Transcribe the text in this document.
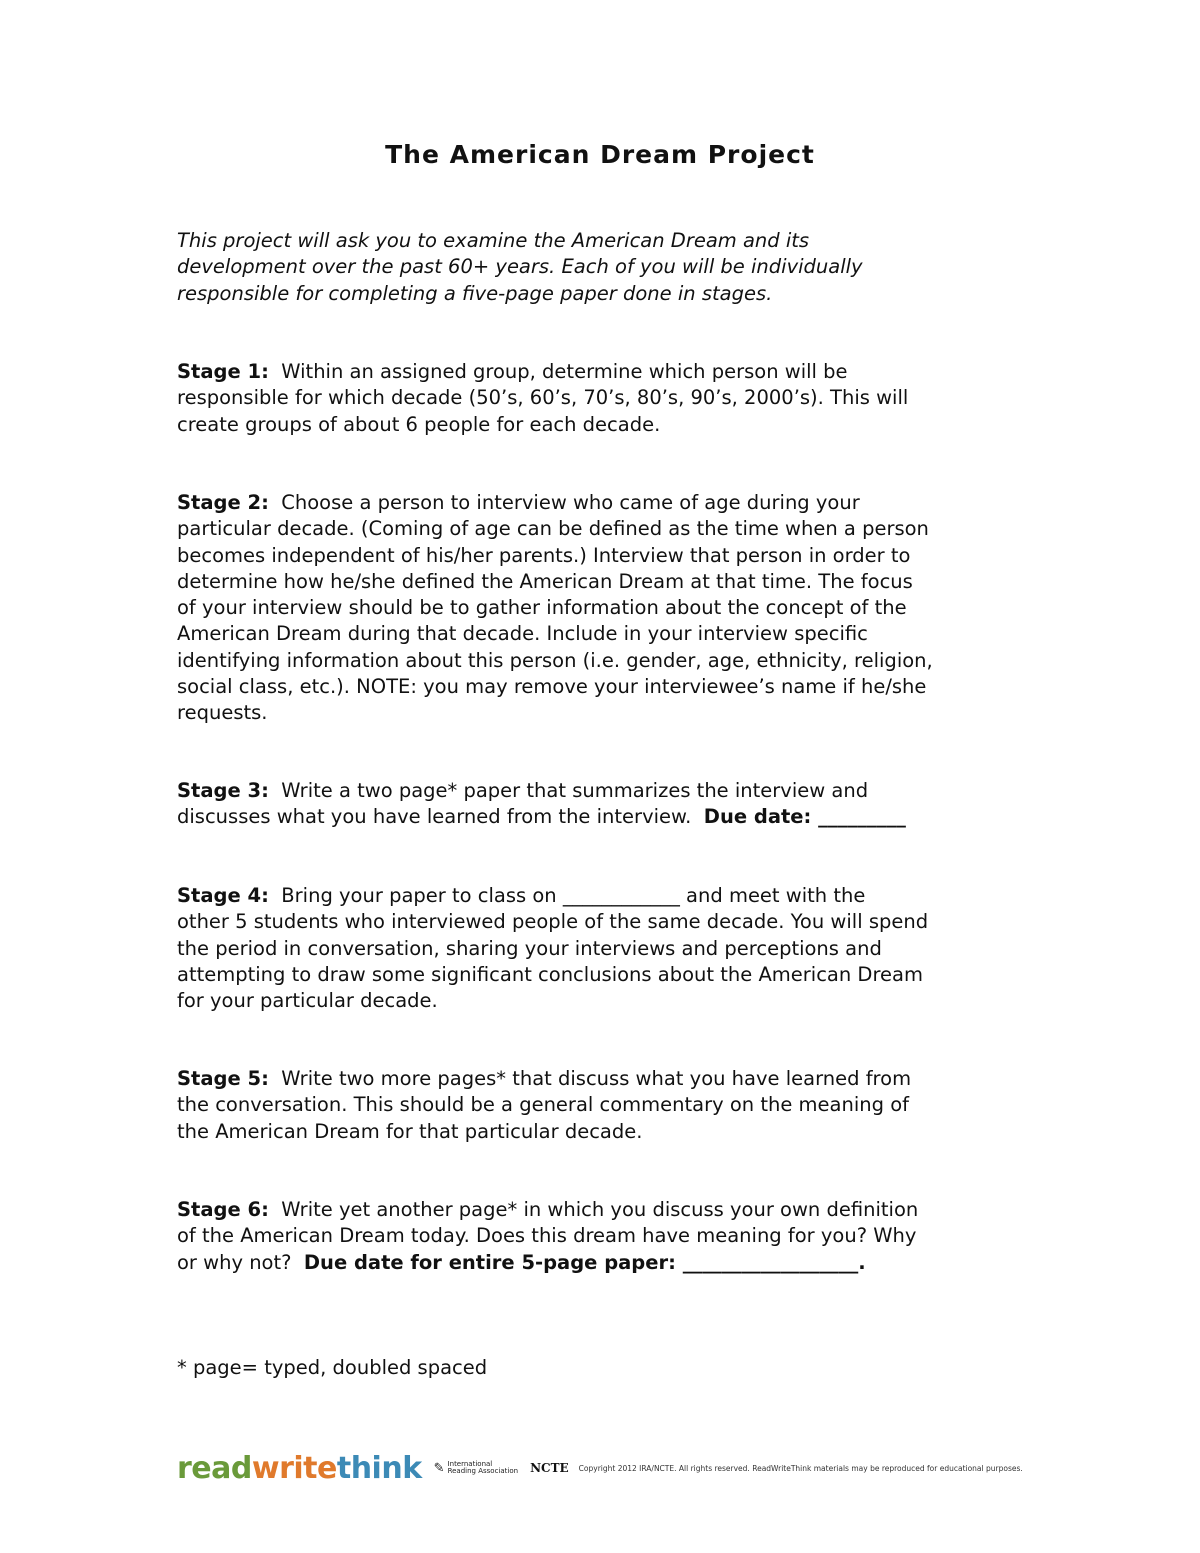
The American Dream Project

This project will ask you to examine the American Dream and its
development over the past 60+ years. Each of you will be individually
responsible for completing a five-page paper done in stages.

Stage 1:  Within an assigned group, determine which person will be
responsible for which decade (50’s, 60’s, 70’s, 80’s, 90’s, 2000’s). This will
create groups of about 6 people for each decade.

Stage 2:  Choose a person to interview who came of age during your
particular decade. (Coming of age can be defined as the time when a person
becomes independent of his/her parents.) Interview that person in order to
determine how he/she defined the American Dream at that time. The focus
of your interview should be to gather information about the concept of the
American Dream during that decade. Include in your interview specific
identifying information about this person (i.e. gender, age, ethnicity, religion,
social class, etc.). NOTE: you may remove your interviewee’s name if he/she
requests.

Stage 3:  Write a two page* paper that summarizes the interview and
discusses what you have learned from the interview.  Due date: _________

Stage 4:  Bring your paper to class on ____________ and meet with the
other 5 students who interviewed people of the same decade. You will spend
the period in conversation, sharing your interviews and perceptions and
attempting to draw some significant conclusions about the American Dream
for your particular decade.

Stage 5:  Write two more pages* that discuss what you have learned from
the conversation. This should be a general commentary on the meaning of
the American Dream for that particular decade.

Stage 6:  Write yet another page* in which you discuss your own definition
of the American Dream today. Does this dream have meaning for you? Why
or why not?  Due date for entire 5-page paper: __________________.

* page= typed, doubled spaced

readwritethink ✎ International
Reading Association NCTE Copyright 2012 IRA/NCTE. All rights reserved. ReadWriteThink materials may be reproduced for educational purposes.
